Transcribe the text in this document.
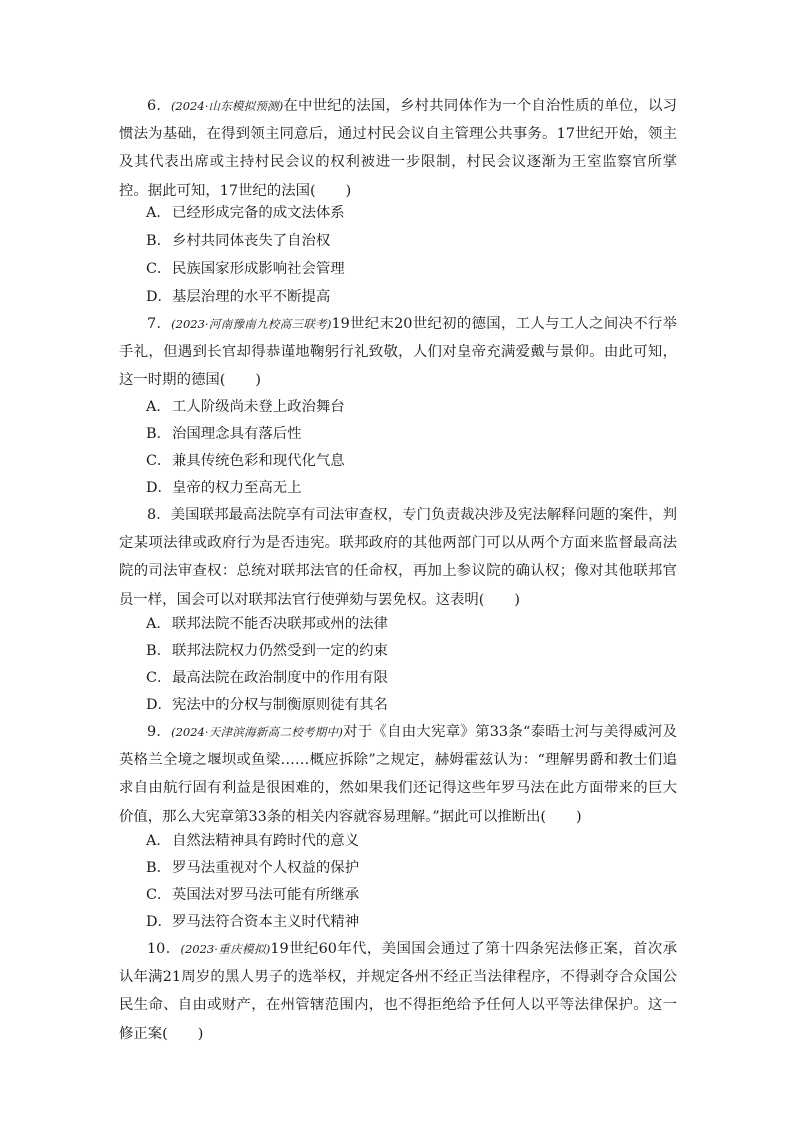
6．(2024·山东模拟预测)在中世纪的法国，乡村共同体作为一个自治性质的单位，以习惯法为基础，在得到领主同意后，通过村民会议自主管理公共事务。17世纪开始，领主及其代表出席或主持村民会议的权利被进一步限制，村民会议逐渐为王室监察官所掌控。据此可知，17世纪的法国( )

A．已经形成完备的成文法体系
B．乡村共同体丧失了自治权
C．民族国家形成影响社会管理
D．基层治理的水平不断提高

7．(2023·河南豫南九校高三联考)19世纪末20世纪初的德国，工人与工人之间决不行举手礼，但遇到长官却得恭谨地鞠躬行礼致敬，人们对皇帝充满爱戴与景仰。由此可知，这一时期的德国( )

A．工人阶级尚未登上政治舞台
B．治国理念具有落后性
C．兼具传统色彩和现代化气息
D．皇帝的权力至高无上

8．美国联邦最高法院享有司法审查权，专门负责裁决涉及宪法解释问题的案件，判定某项法律或政府行为是否违宪。联邦政府的其他两部门可以从两个方面来监督最高法院的司法审查权：总统对联邦法官的任命权，再加上参议院的确认权；像对其他联邦官员一样，国会可以对联邦法官行使弹劾与罢免权。这表明( )

A．联邦法院不能否决联邦或州的法律
B．联邦法院权力仍然受到一定的约束
C．最高法院在政治制度中的作用有限
D．宪法中的分权与制衡原则徒有其名

9．(2024·天津滨海新高二校考期中)对于《自由大宪章》第33条“泰晤士河与美得威河及英格兰全境之堰坝或鱼梁……概应拆除”之规定，赫姆霍兹认为：“理解男爵和教士们追求自由航行固有利益是很困难的，然如果我们还记得这些年罗马法在此方面带来的巨大价值，那么大宪章第33条的相关内容就容易理解。”据此可以推断出( )

A．自然法精神具有跨时代的意义
B．罗马法重视对个人权益的保护
C．英国法对罗马法可能有所继承
D．罗马法符合资本主义时代精神

10．(2023·重庆模拟)19世纪60年代，美国国会通过了第十四条宪法修正案，首次承认年满21周岁的黑人男子的选举权，并规定各州不经正当法律程序，不得剥夺合众国公民生命、自由或财产，在州管辖范围内，也不得拒绝给予任何人以平等法律保护。这一修正案( )
